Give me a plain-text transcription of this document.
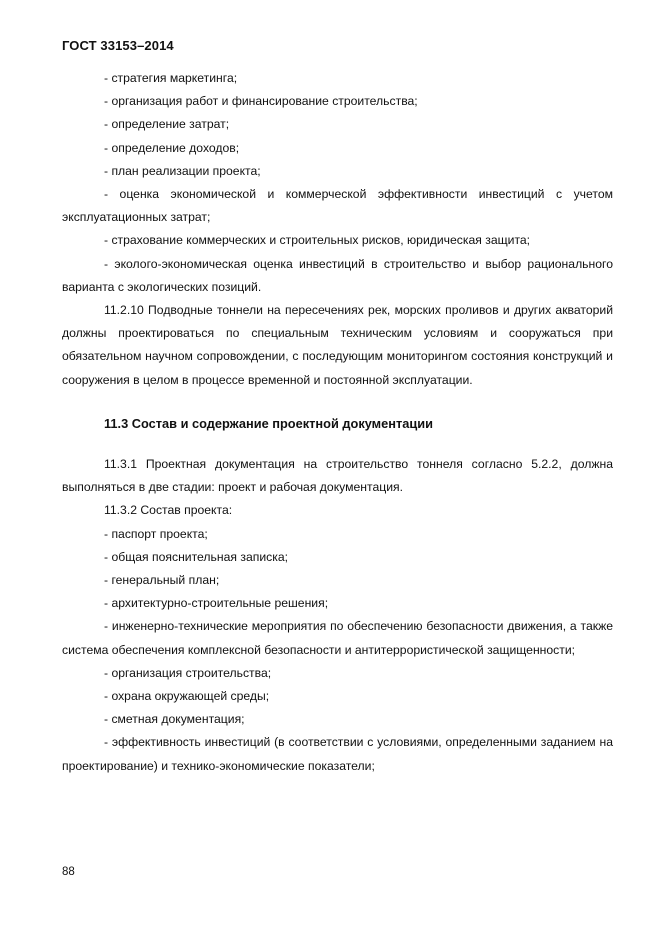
ГОСТ 33153–2014
- стратегия маркетинга;
- организация работ и финансирование строительства;
- определение затрат;
- определение доходов;
- план реализации проекта;

- оценка экономической и коммерческой эффективности инвестиций с учетом эксплуатационных затрат;

- страхование коммерческих и строительных рисков, юридическая защита;

- эколого-экономическая оценка инвестиций в строительство и выбор рационального варианта с экологических позиций.

11.2.10 Подводные тоннели на пересечениях рек, морских проливов и других акваторий должны проектироваться по специальным техническим условиям и сооружаться при обязательном научном сопровождении, с последующим мониторингом состояния конструкций и сооружения в целом в процессе временной и постоянной эксплуатации.

11.3 Состав и содержание проектной документации

11.3.1 Проектная документация на строительство тоннеля согласно 5.2.2, должна выполняться в две стадии: проект и рабочая документация.

11.3.2 Состав проекта:
- паспорт проекта;
- общая пояснительная записка;
- генеральный план;
- архитектурно-строительные решения;

- инженерно-технические мероприятия по обеспечению безопасности движения, а также система обеспечения комплексной безопасности и антитеррористической защищенности;

- организация строительства;
- охрана окружающей среды;
- сметная документация;

- эффективность инвестиций (в соответствии с условиями, определенными заданием на проектирование) и технико-экономические показатели;

88
